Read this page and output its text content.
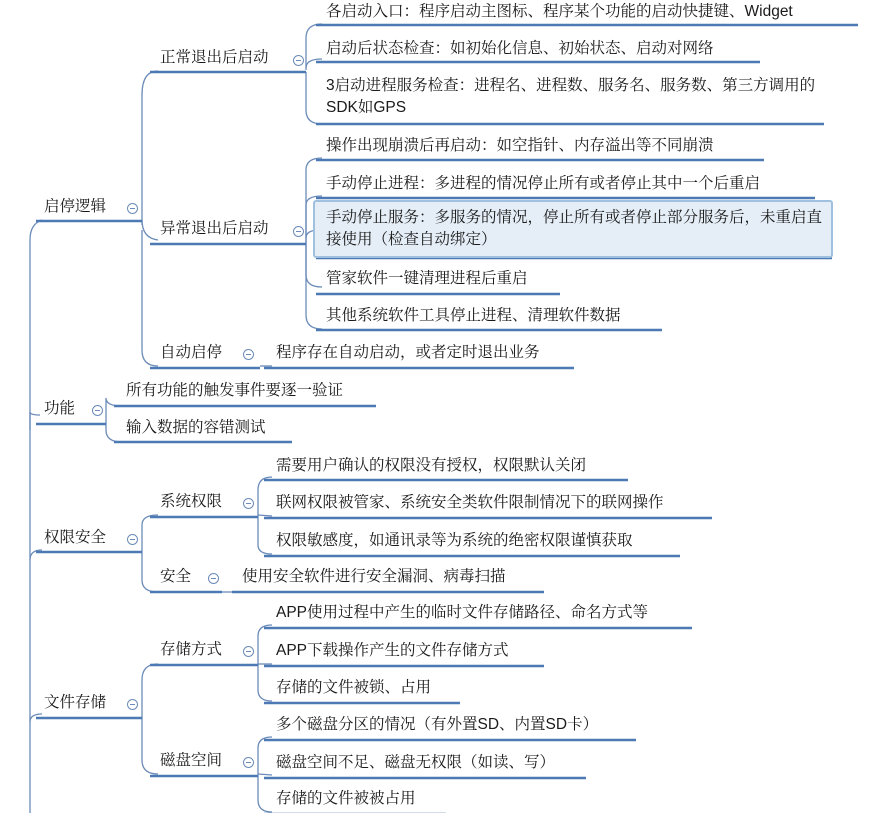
启停逻辑
功能
权限安全
文件存储
正常退出后启动
异常退出后启动
自动启停
系统权限
安全
存储方式
磁盘空间
各启动入口：程序启动主图标、程序某个功能的启动快捷键、Widget
启动后状态检查：如初始化信息、初始状态、启动对网络
3启动进程服务检查：进程名、进程数、服务名、服务数、第三方调用的SDK如GPS
操作出现崩溃后再启动：如空指针、内存溢出等不同崩溃
手动停止进程：多进程的情况停止所有或者停止其中一个后重启
手动停止服务：多服务的情况，停止所有或者停止部分服务后，未重启直接使用（检查自动绑定）
管家软件一键清理进程后重启
其他系统软件工具停止进程、清理软件数据
程序存在自动启动，或者定时退出业务
所有功能的触发事件要逐一验证
输入数据的容错测试
需要用户确认的权限没有授权，权限默认关闭
联网权限被管家、系统安全类软件限制情况下的联网操作
权限敏感度，如通讯录等为系统的绝密权限谨慎获取
使用安全软件进行安全漏洞、病毒扫描
APP使用过程中产生的临时文件存储路径、命名方式等
APP下载操作产生的文件存储方式
存储的文件被锁、占用
多个磁盘分区的情况（有外置SD、内置SD卡）
磁盘空间不足、磁盘无权限（如读、写）
存储的文件被被占用
